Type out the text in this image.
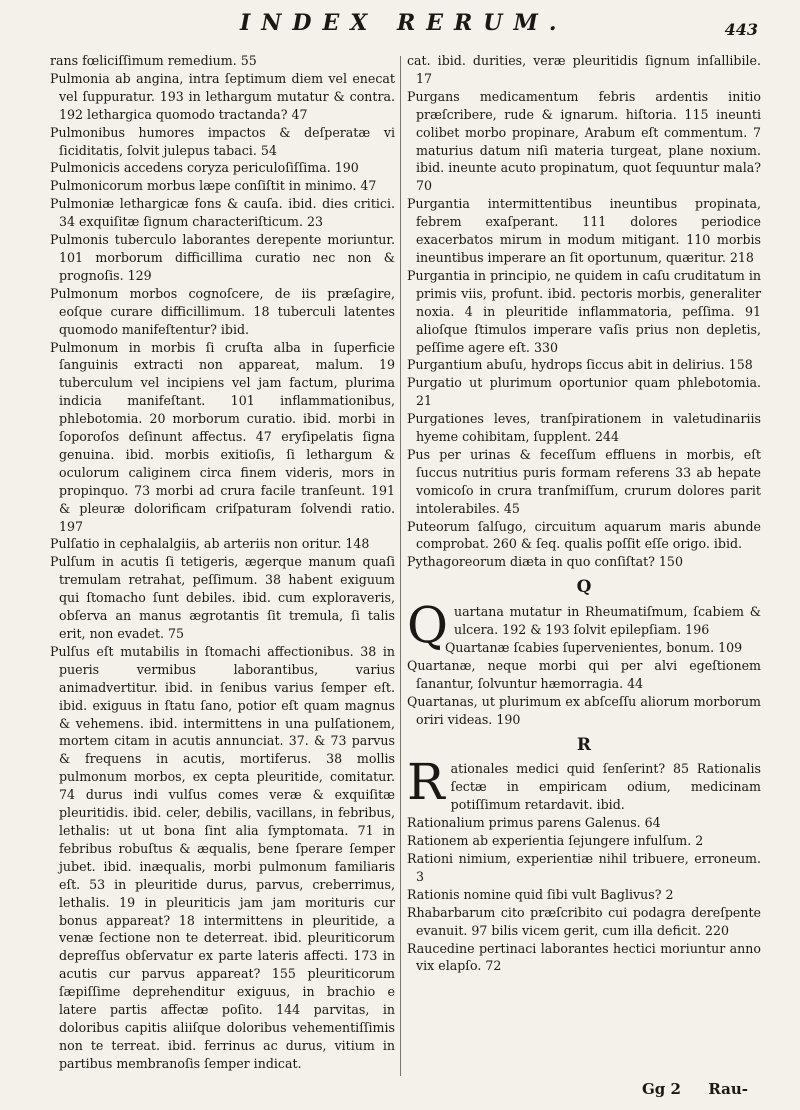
INDEX RERUM.	443

rans fœliciſſimum remedium. 55

Pulmonia ab angina, intra ſeptimum diem vel enecat vel ſuppuratur. 193 in lethargum mutatur & contra. 192 lethargica quomodo tractanda? 47

Pulmonibus humores impactos & deſperatæ vi ſiciditatis, ſolvit julepus tabaci. 54

Pulmonicis accedens coryza periculoſiſſima. 190

Pulmonicorum morbus læpe conſiſtit in minimo. 47

Pulmoniæ lethargicæ fons & cauſa. ibid. dies critici. 34 exquiſitæ ſignum characteriſticum. 23

Pulmonis tuberculo laborantes derepente moriuntur. 101 morborum difficillima curatio nec non & prognoſis. 129

Pulmonum morbos cognoſcere, de iis præſagire, eoſque curare difficillimum. 18 tuberculi latentes quomodo manifeſtentur? ibid.

Pulmonum in morbis ſi cruſta alba in ſuperficie ſanguinis extracti non appareat, malum. 19 tuberculum vel incipiens vel jam factum, plurima indicia manifeſtant. 101 inflammationibus, phlebotomia. 20 morborum curatio. ibid. morbi in ſoporoſos deſinunt affectus. 47 eryſipelatis ſigna genuina. ibid. morbis exitioſis, ſi lethargum & oculorum caliginem circa finem videris, mors in propinquo. 73 morbi ad crura facile tranſeunt. 191 & pleuræ dolorificam criſpaturam ſolvendi ratio. 197

Pulſatio in cephalalgiis, ab arteriis non oritur. 148

Pulſum in acutis ſi tetigeris, ægerque manum quaſi tremulam retrahat, peſſimum. 38 habent exiguum qui ſtomacho ſunt debiles. ibid. cum exploraveris, obſerva an manus ægrotantis ſit tremula, ſi talis erit, non evadet. 75

Pulſus eſt mutabilis in ſtomachi affectionibus. 38 in pueris vermibus laborantibus, varius animadvertitur. ibid. in ſenibus varius ſemper eſt. ibid. exiguus in ſtatu ſano, potior eſt quam magnus & vehemens. ibid. intermittens in una pulſationem, mortem citam in acutis annunciat. 37. & 73 parvus & frequens in acutis, mortiferus. 38 mollis pulmonum morbos, ex cepta pleuritide, comitatur. 74 durus indi vulſus comes veræ & exquiſitæ pleuritidis. ibid. celer, debilis, vacillans, in febribus, lethalis: ut ut bona ſint alia ſymptomata. 71 in febribus robuſtus & æqualis, bene ſperare ſemper jubet. ibid. inæqualis, morbi pulmonum familiaris eſt. 53 in pleuritide durus, parvus, creberrimus, lethalis. 19 in pleuriticis jam jam morituris cur bonus appareat? 18 intermittens in pleuritide, a venæ ſectione non te deterreat. ibid. pleuriticorum depreſſus obſervatur ex parte lateris affecti. 173 in acutis cur parvus appareat? 155 pleuriticorum ſæpiſſime deprehenditur exiguus, in brachio e latere partis affectæ poſito. 144 parvitas, in doloribus capitis aliiſque doloribus vehementiſſimis non te terreat. ibid. ferrinus ac durus, vitium in partibus membranoſis ſemper indicat.

cat. ibid. durities, veræ pleuritidis ſignum inſallibile. 17

Purgans medicamentum febris ardentis initio præſcribere, rude & ignarum. hiſtoria. 115 ineunti colibet morbo propinare, Arabum eſt commentum. 7 maturius datum niſi materia turgeat, plane noxium. ibid. ineunte acuto propinatum, quot ſequuntur mala? 70

Purgantia intermittentibus ineuntibus propinata, febrem exaſperant. 111 dolores periodice exacerbatos mirum in modum mitigant. 110 morbis ineuntibus imperare an ſit oportunum, quæritur. 218

Purgantia in principio, ne quidem in caſu cruditatum in primis viis, profunt. ibid. pectoris morbis, generaliter noxia. 4 in pleuritide inflammatoria, peſſima. 91 alioſque ſtimulos imperare vaſis prius non depletis, peſſime agere eſt. 330

Purgantium abuſu, hydrops ſiccus abit in delirius. 158

Purgatio ut plurimum oportunior quam phlebotomia. 21

Purgationes leves, tranſpirationem in valetudinariis hyeme cohibitam, ſupplent. 244

Pus per urinas & feceſſum effluens in morbis, eſt ſuccus nutritius puris formam referens 33 ab hepate vomicoſo in crura tranſmiſſum, crurum dolores parit intolerabiles. 45

Puteorum ſalſugo, circuitum aquarum maris abunde comprobat. 260 & ſeq. qualis poſſit eſſe origo. ibid.

Pythagoreorum diæta in quo conſiſtat? 150

Q

Quartana mutatur in Rheumatiſmum, ſcabiem & ulcera. 192 & 193 ſolvit epilepſiam. 196

Quartanæ ſcabies ſupervenientes, bonum. 109

Quartanæ, neque morbi qui per alvi egeſtionem ſanantur, ſolvuntur hæmorragia. 44

Quartanas, ut plurimum ex abſceſſu aliorum morborum oriri videas. 190

R

Rationales medici quid ſenſerint? 85 Rationalis ſectæ in empiricam odium, medicinam potiſſimum retardavit. ibid.

Rationalium primus parens Galenus. 64

Rationem ab experientia ſejungere infulſum. 2

Rationi nimium, experientiæ nihil tribuere, erroneum. 3

Rationis nomine quid ſibi vult Baglivus? 2

Rhabarbarum cito præſcribito cui podagra dereſpente evanuit. 97 bilis vicem gerit, cum illa deficit. 220

Raucedine pertinaci laborantes hectici moriuntur anno vix elapſo. 72

Gg 2 Rau-
